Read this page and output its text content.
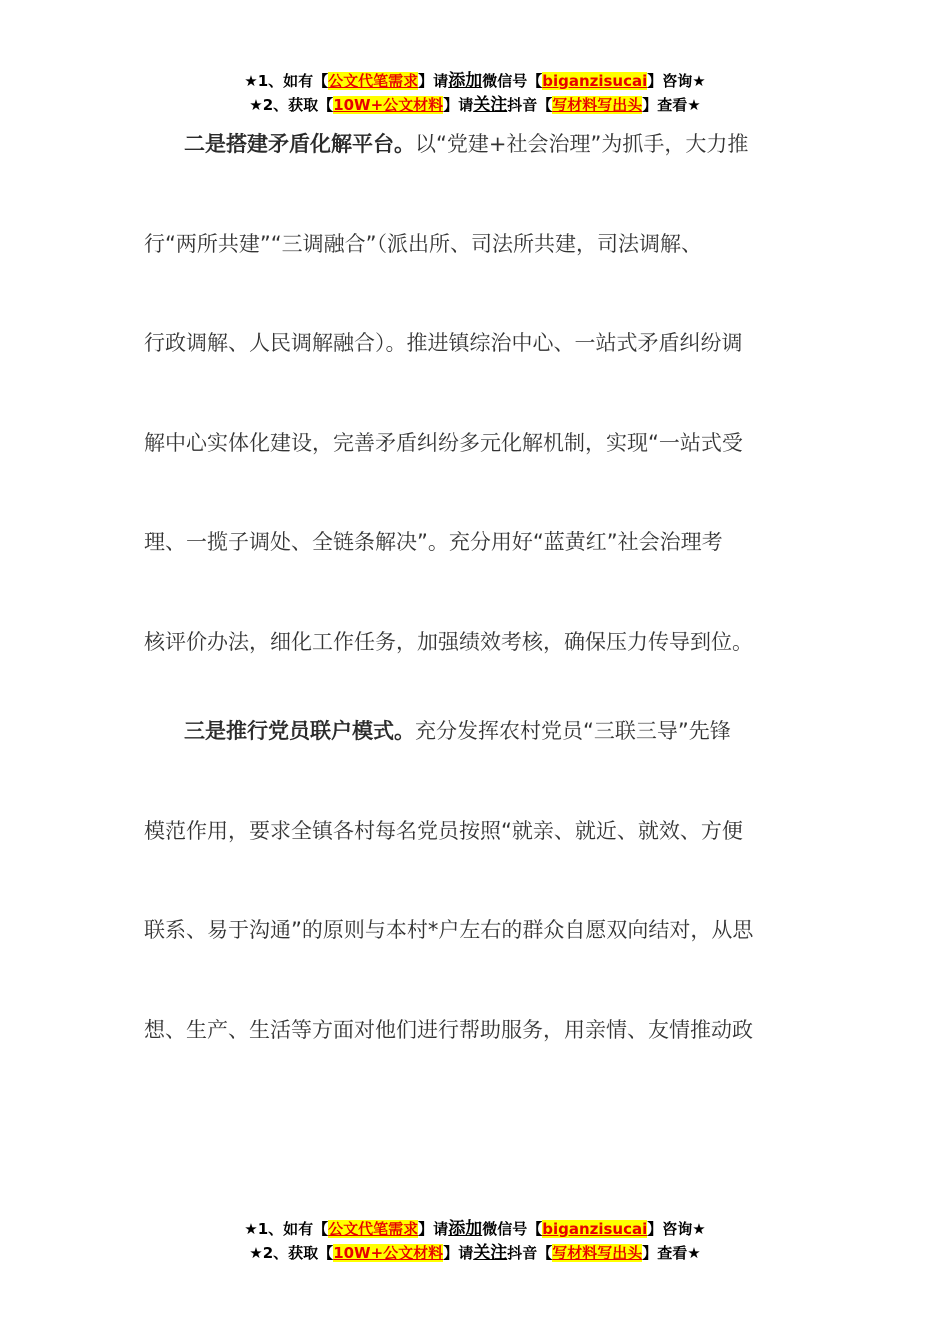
★1、如有【公文代笔需求】请添加微信号【biganzisucai】咨询★
★2、获取【10W+公文材料】请关注抖音【写材料写出头】查看★
二是搭建矛盾化解平台。以“党建+社会治理”为抓手，大力推
行“两所共建”“三调融合”（派出所、司法所共建，司法调解、
行政调解、人民调解融合）。推进镇综治中心、一站式矛盾纠纷调
解中心实体化建设，完善矛盾纠纷多元化解机制，实现“一站式受
理、一揽子调处、全链条解决”。充分用好“蓝黄红”社会治理考
核评价办法，细化工作任务，加强绩效考核，确保压力传导到位。
三是推行党员联户模式。充分发挥农村党员“三联三导”先锋
模范作用，要求全镇各村每名党员按照“就亲、就近、就效、方便
联系、易于沟通”的原则与本村*户左右的群众自愿双向结对，从思
想、生产、生活等方面对他们进行帮助服务，用亲情、友情推动政
★1、如有【公文代笔需求】请添加微信号【biganzisucai】咨询★
★2、获取【10W+公文材料】请关注抖音【写材料写出头】查看★
